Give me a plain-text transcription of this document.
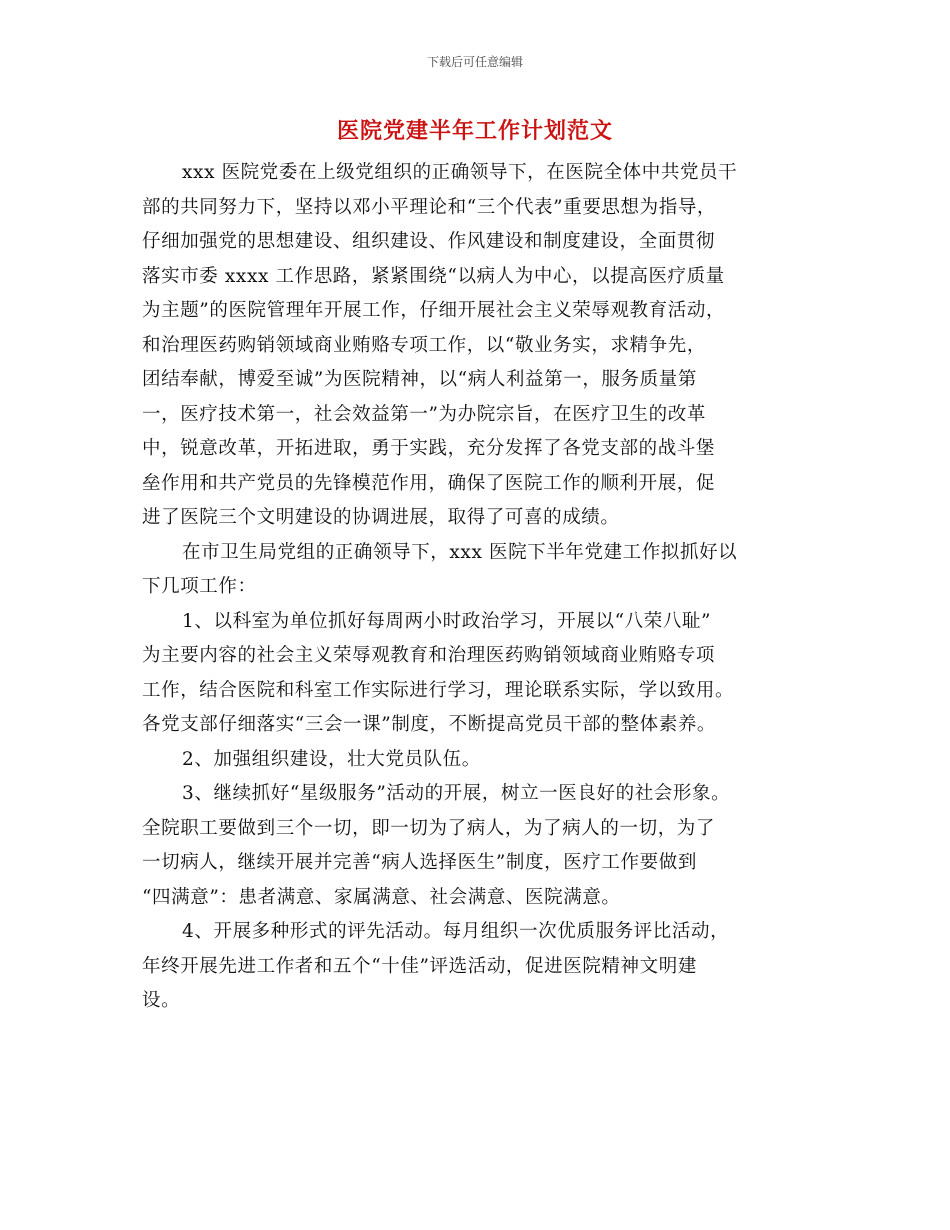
下载后可任意编辑
医院党建半年工作计划范文
xxx 医院党委在上级党组织的正确领导下，在医院全体中共党员干
部的共同努力下，坚持以邓小平理论和“三个代表”重要思想为指导，
仔细加强党的思想建设、组织建设、作风建设和制度建设，全面贯彻
落实市委 xxxx 工作思路，紧紧围绕“以病人为中心，以提高医疗质量
为主题”的医院管理年开展工作，仔细开展社会主义荣辱观教育活动，
和治理医药购销领域商业贿赂专项工作，以“敬业务实，求精争先，
团结奉献，博爱至诚”为医院精神，以“病人利益第一，服务质量第
一，医疗技术第一，社会效益第一”为办院宗旨，在医疗卫生的改革
中，锐意改革，开拓进取，勇于实践，充分发挥了各党支部的战斗堡
垒作用和共产党员的先锋模范作用，确保了医院工作的顺利开展，促
进了医院三个文明建设的协调进展，取得了可喜的成绩。
在市卫生局党组的正确领导下，xxx 医院下半年党建工作拟抓好以
下几项工作：
1、以科室为单位抓好每周两小时政治学习，开展以“八荣八耻”
为主要内容的社会主义荣辱观教育和治理医药购销领域商业贿赂专项
工作，结合医院和科室工作实际进行学习，理论联系实际，学以致用。
各党支部仔细落实“三会一课”制度，不断提高党员干部的整体素养。
2、加强组织建设，壮大党员队伍。
3、继续抓好“星级服务”活动的开展，树立一医良好的社会形象。
全院职工要做到三个一切，即一切为了病人，为了病人的一切，为了
一切病人，继续开展并完善“病人选择医生”制度，医疗工作要做到
“四满意”：患者满意、家属满意、社会满意、医院满意。
4、开展多种形式的评先活动。每月组织一次优质服务评比活动，
年终开展先进工作者和五个“十佳”评选活动，促进医院精神文明建
设。
